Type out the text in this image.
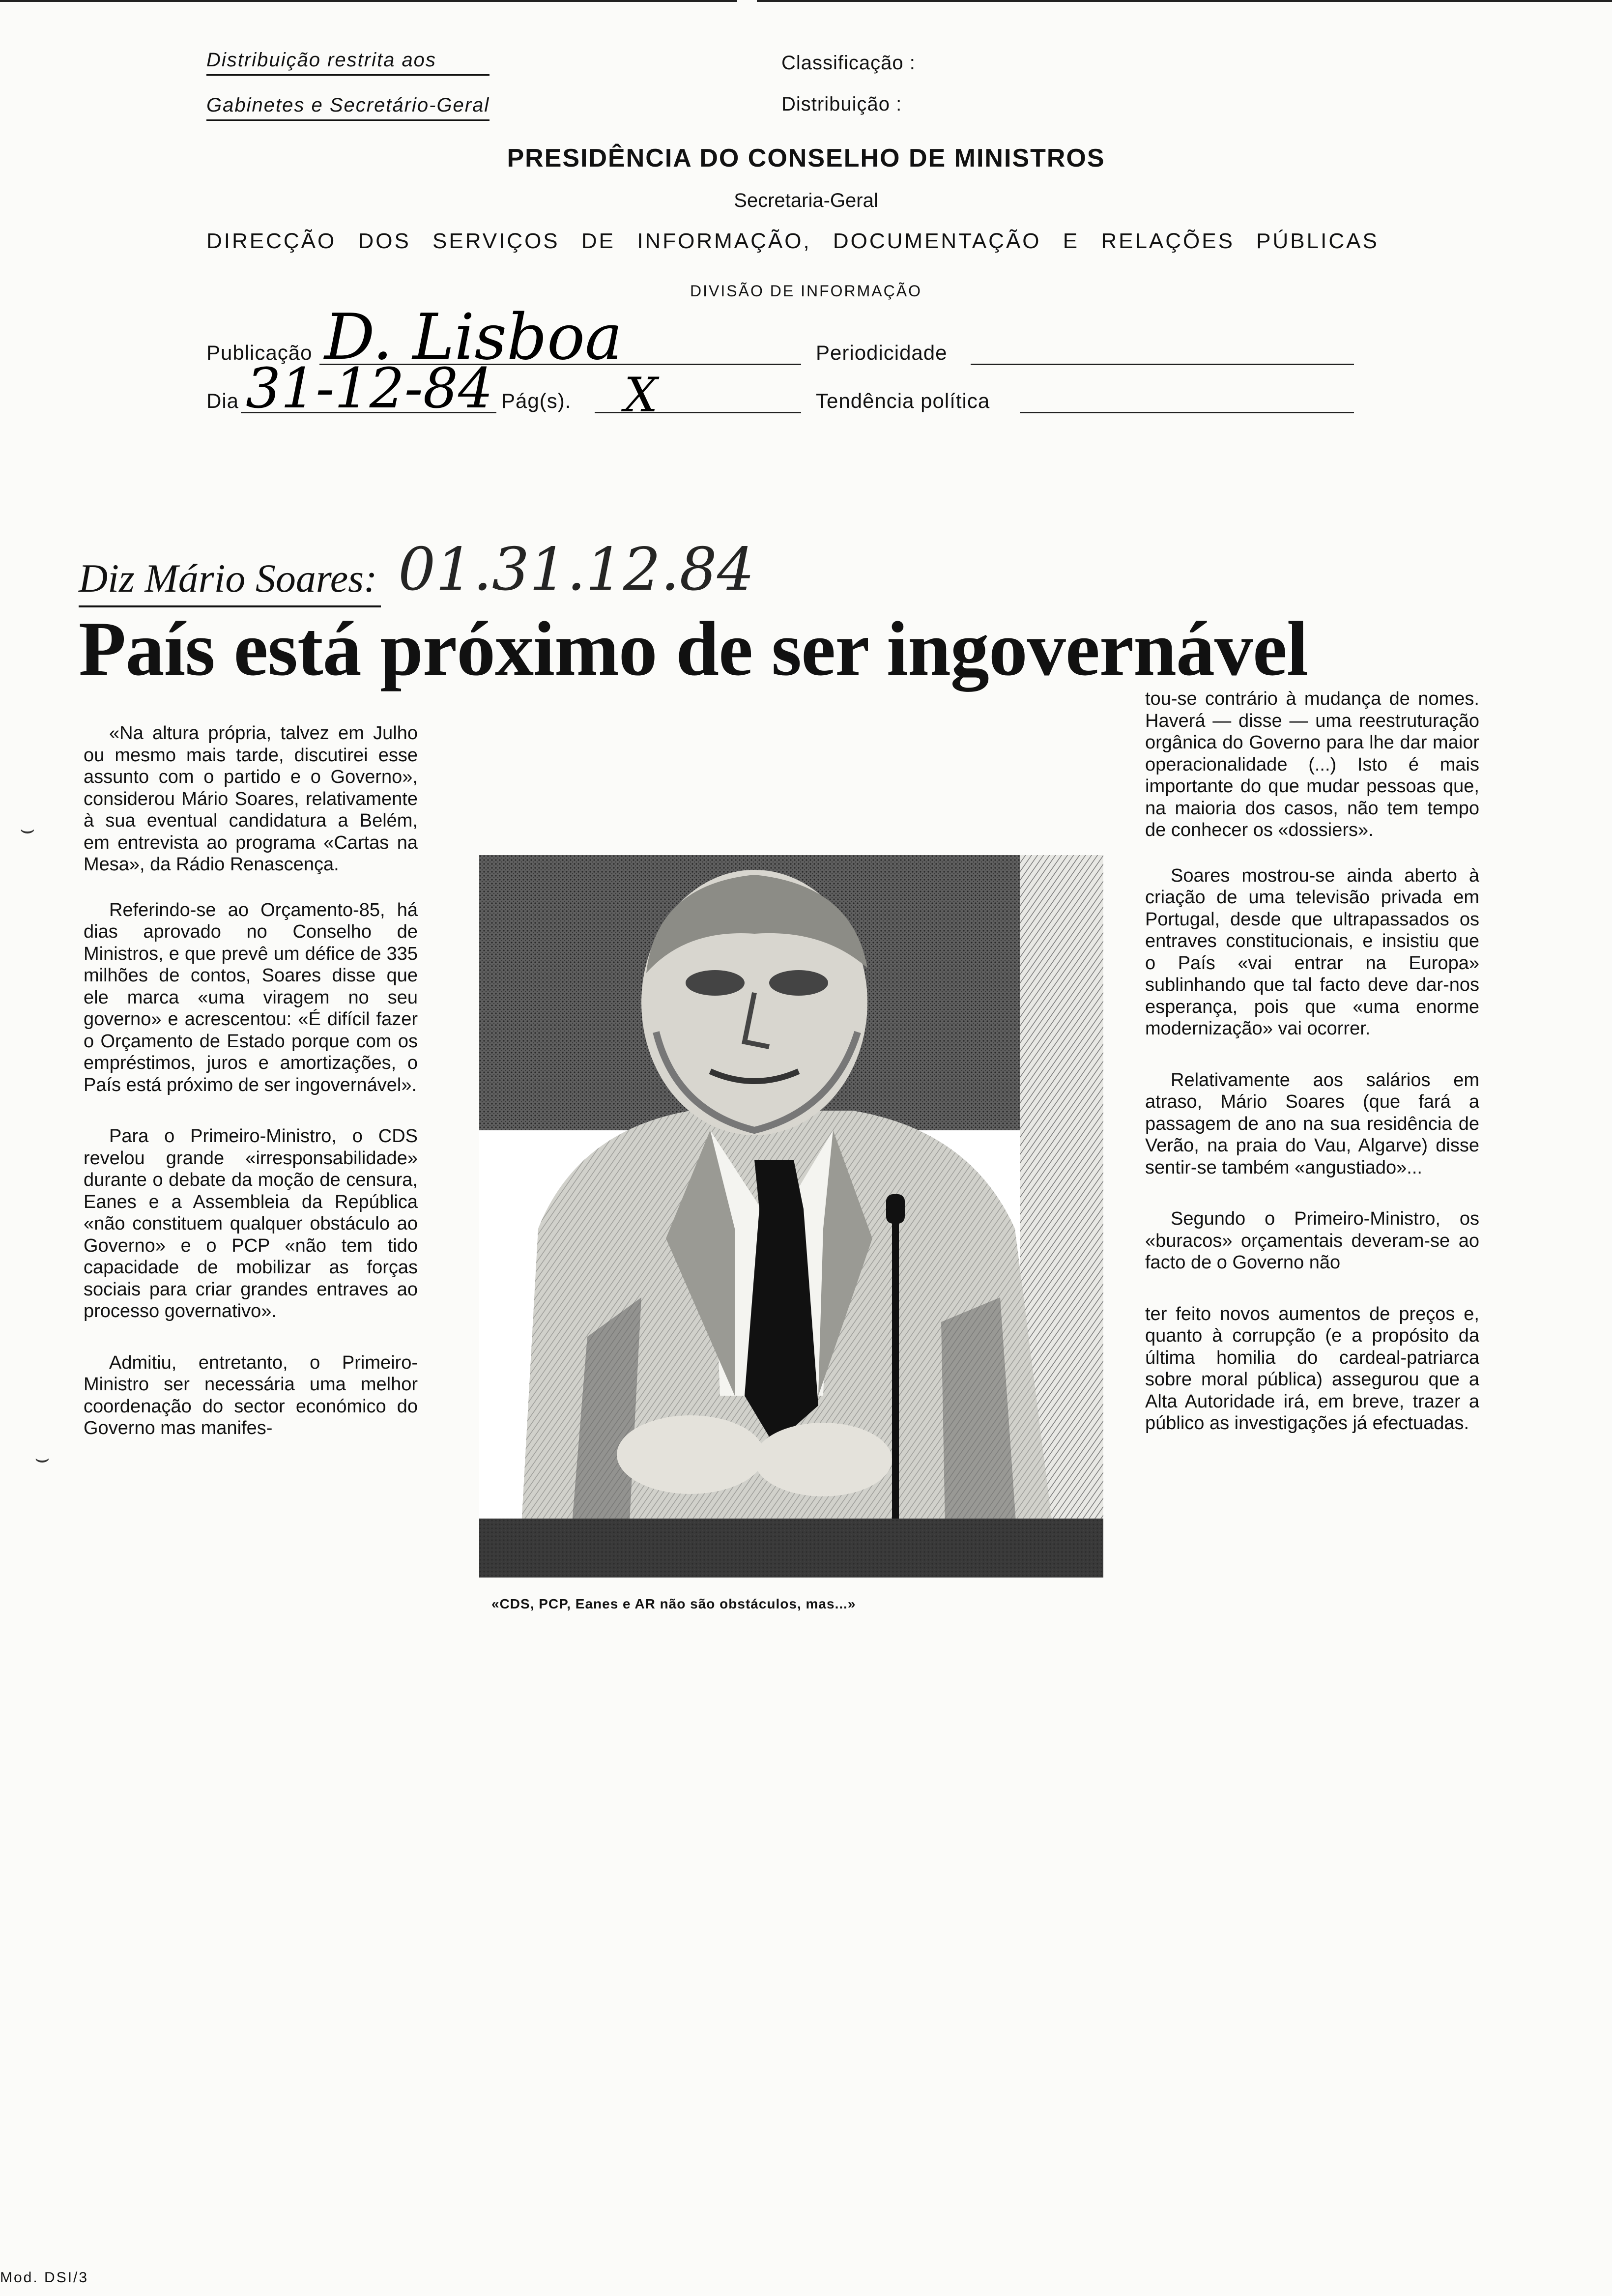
Distribuição restrita aos
Gabinetes e Secretário-Geral
Classificação :
Distribuição :
PRESIDÊNCIA DO CONSELHO DE MINISTROS
Secretaria-Geral
DIRECÇÃO DOS SERVIÇOS DE INFORMAÇÃO, DOCUMENTAÇÃO E RELAÇÕES PÚBLICAS
DIVISÃO DE INFORMAÇÃO
Publicação D. Lisboa	Periodicidade
Dia 31-12-84 Pág(s). X	Tendência política
Diz Mário Soares: 01.31.12.84
País está próximo de ser ingovernável

«Na altura própria, talvez em Julho ou mesmo mais tarde, discutirei esse assunto com o partido e o Governo», considerou Mário Soares, relativamente à sua eventual candidatura a Belém, em entrevista ao programa «Cartas na Mesa», da Rádio Renascença.

Referindo-se ao Orçamento-85, há dias aprovado no Conselho de Ministros, e que prevê um défice de 335 milhões de contos, Soares disse que ele marca «uma viragem no seu governo» e acrescentou: «É difícil fazer o Orçamento de Estado porque com os empréstimos, juros e amortizações, o País está próximo de ser ingovernável».

Para o Primeiro-Ministro, o CDS revelou grande «irresponsabilidade» durante o debate da moção de censura, Eanes e a Assembleia da República «não constituem qualquer obstáculo ao Governo» e o PCP «não tem tido capacidade de mobilizar as forças sociais para criar grandes entraves ao processo governativo».

Admitiu, entretanto, o Primeiro-Ministro ser necessária uma melhor coordenação do sector económico do Governo mas manifes-

«CDS, PCP, Eanes e AR não são obstáculos, mas...»

tou-se contrário à mudança de nomes. Haverá — disse — uma reestruturação orgânica do Governo para lhe dar maior operacionalidade (...) Isto é mais importante do que mudar pessoas que, na maioria dos casos, não tem tempo de conhecer os «dossiers».

Soares mostrou-se ainda aberto à criação de uma televisão privada em Portugal, desde que ultrapassados os entraves constitucionais, e insistiu que o País «vai entrar na Europa» sublinhando que tal facto deve dar-nos esperança, pois que «uma enorme modernização» vai ocorrer.

Relativamente aos salários em atraso, Mário Soares (que fará a passagem de ano na sua residência de Verão, na praia do Vau, Algarve) disse sentir-se também «angustiado»...

Segundo o Primeiro-Ministro, os «buracos» orçamentais deveram-se ao facto de o Governo não

ter feito novos aumentos de preços e, quanto à corrupção (e a propósito da última homilia do cardeal-patriarca sobre moral pública) assegurou que a Alta Autoridade irá, em breve, trazer a público as investigações já efectuadas.

⌣
⌣
Mod. DSI/3
